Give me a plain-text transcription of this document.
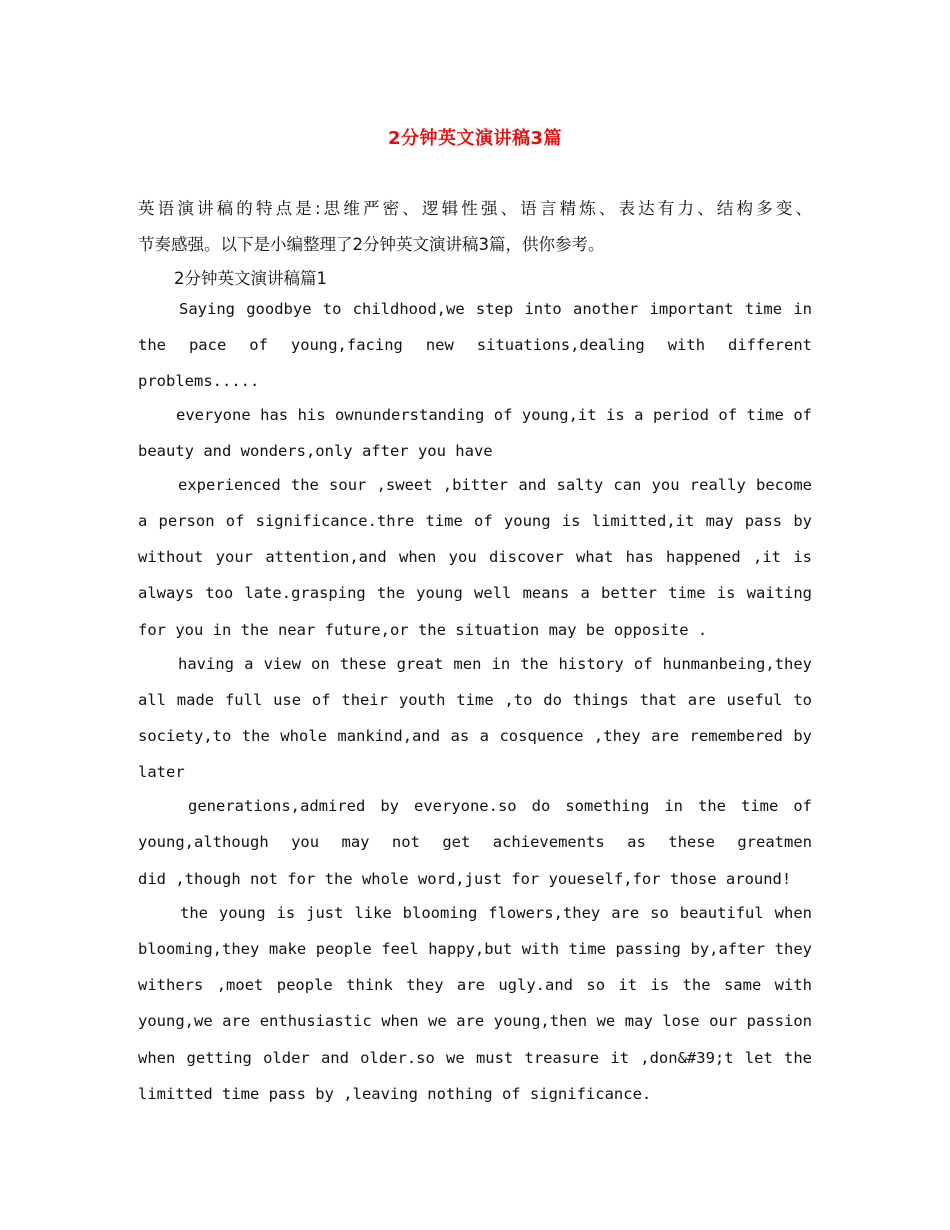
2分钟英文演讲稿3篇
英语演讲稿的特点是:思维严密、逻辑性强、语言精炼、表达有力、结构多变、
节奏感强。以下是小编整理了2分钟英文演讲稿3篇，供你参考。
2分钟英文演讲稿篇1
Saying goodbye to childhood,we step into another important time in
the pace of young,facing new situations,dealing with different
problems.....
everyone has his ownunderstanding of young,it is a period of time of
beauty and wonders,only after you have
experienced the sour ,sweet ,bitter and salty can you really become
a person of significance.thre time of young is limitted,it may pass by
without your attention,and when you discover what has happened ,it is
always too late.grasping the young well means a better time is waiting
for you in the near future,or the situation may be opposite .
having a view on these great men in the history of hunmanbeing,they
all made full use of their youth time ,to do things that are useful to
society,to the whole mankind,and as a cosquence ,they are remembered by
later
generations,admired by everyone.so do something in the time of
young,although you may not get achievements as these greatmen
did ,though not for the whole word,just for youeself,for those around!
the young is just like blooming flowers,they are so beautiful when
blooming,they make people feel happy,but with time passing by,after they
withers ,moet people think they are ugly.and so it is the same with
young,we are enthusiastic when we are young,then we may lose our passion
when getting older and older.so we must treasure it ,don&#39;t let the
limitted time pass by ,leaving nothing of significance.
